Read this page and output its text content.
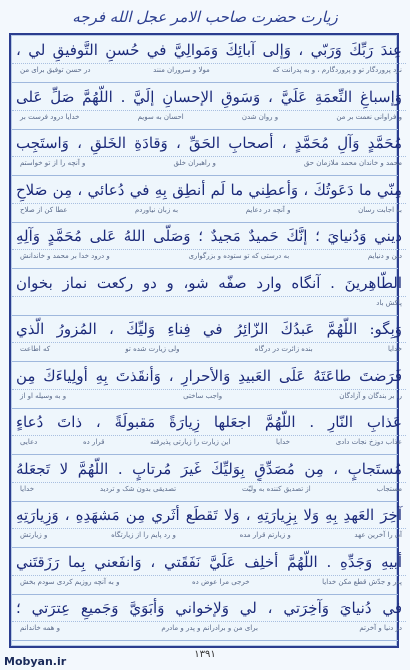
زیارت حضرت صاحب الامر عجل الله فرجه
عِندَ رَبِّكَ وَرَبّي ، وَإلى آبائِكَ وَمَوالِيَّ في حُسنِ التَّوفيقِ لي ،
نزد پروردگار تو و پروردگارم ، و به پدرانت که
مولا و سروران منند
در حسن توفیق برای من
وَإسباغِ النِّعمَةِ عَلَيَّ ، وَسَوقِ الإحسانِ إلَيَّ . اللّهُمَّ صَلِّ عَلى
و فراوانی نعمت بر من
و روان شدن
احسان به سویم
خدایا درود فرست بر
مُحَمَّدٍ وَآلِ مُحَمَّدٍ ، أصحابِ الحَقِّ ، وَقادَةِ الخَلقِ ، وَاستَجِب
محمد و خاندان محمد ملازمان حق
و راهبران خلق
و آنچه را از تو خواستم
مِنّي ما دَعَوتُكَ ، وَأعطِني ما لَم أنطِق بِهِ في دُعائي ، مِن صَلاحِ
به اجابت رسان
و آنچه در دعایم
به زبان نیاوردم
عطا کن از صلاح
ديني وَدُنيايَ ؛ إنَّكَ حَميدٌ مَجيدٌ ؛ وَصَلَّى اللهُ عَلى مُحَمَّدٍ وَآلِهِ
دین و دنیایم
به درستی که تو ستوده و بزرگواری
و درود خدا بر محمد و خاندانش
الطّاهِرينَ . آنگاه وارد صفّه شو، و دو رکعت نماز بخوان
پاکش باد
وَبِگو: اللّهُمَّ عَبدُكَ الزّائِرُ في فِناءِ وَليِّكَ ، المُزورُ الَّذي
خدایا
بنده زائرت در درگاه
ولی زیارت شده تو
که اطاعت
فَرَضتَ طاعَتَهُ عَلَى العَبيدِ وَالأحرارِ ، وَأنقَذتَ بِهِ أولِياءَكَ مِن
را بر بندگان و آزادگان
واجب ساختی
و به وسیله او از
عَذابِ النّارِ . اللّهُمَّ اجعَلها زِيارَةً مَقبولَةً ، ذاتَ دُعاءٍ
عذاب دوزخ نجات دادی
خدایا
این زیارت را زیارتی پذیرفته
قرار ده
دعایی
مُستَجابٍ ، مِن مُصَدِّقٍ بِوَليِّكَ غَيرَ مُرتابٍ . اللّهُمَّ لا تَجعَلهُ
مستجاب
از تصدیق کننده به ولیّت
تصدیقی بدون شک و تردید
خدایا
آخِرَ العَهدِ بِهِ وَلا بِزِيارَتِهِ ، وَلا تَقطَع أثَري مِن مَشهَدِهِ ، وَزِيارَتِهِ
آن را آخرین عهد
و زیارتم قرار مده
و رد پایم را از زیارتگاه
و زیارتش
أبيهِ وَجَدِّهِ . اللّهُمَّ أخلِف عَلَيَّ نَفَقَتي ، وَانفَعني بِما رَزَقتَني
پدر و جدّش قطع مکن خدایا
خرجی مرا عوض ده
و به آنچه روزیم کردی سودم بخش
في دُنيايَ وَآخِرَتي ، لي وَلإخواني وَأبَوَيَّ وَجَميعِ عِترَتي ؛
در دنیا و آخرتم
برای من و برادرانم و پدر و مادرم
و همه خاندانم
۱۳۹۱
Mobyan.ir
